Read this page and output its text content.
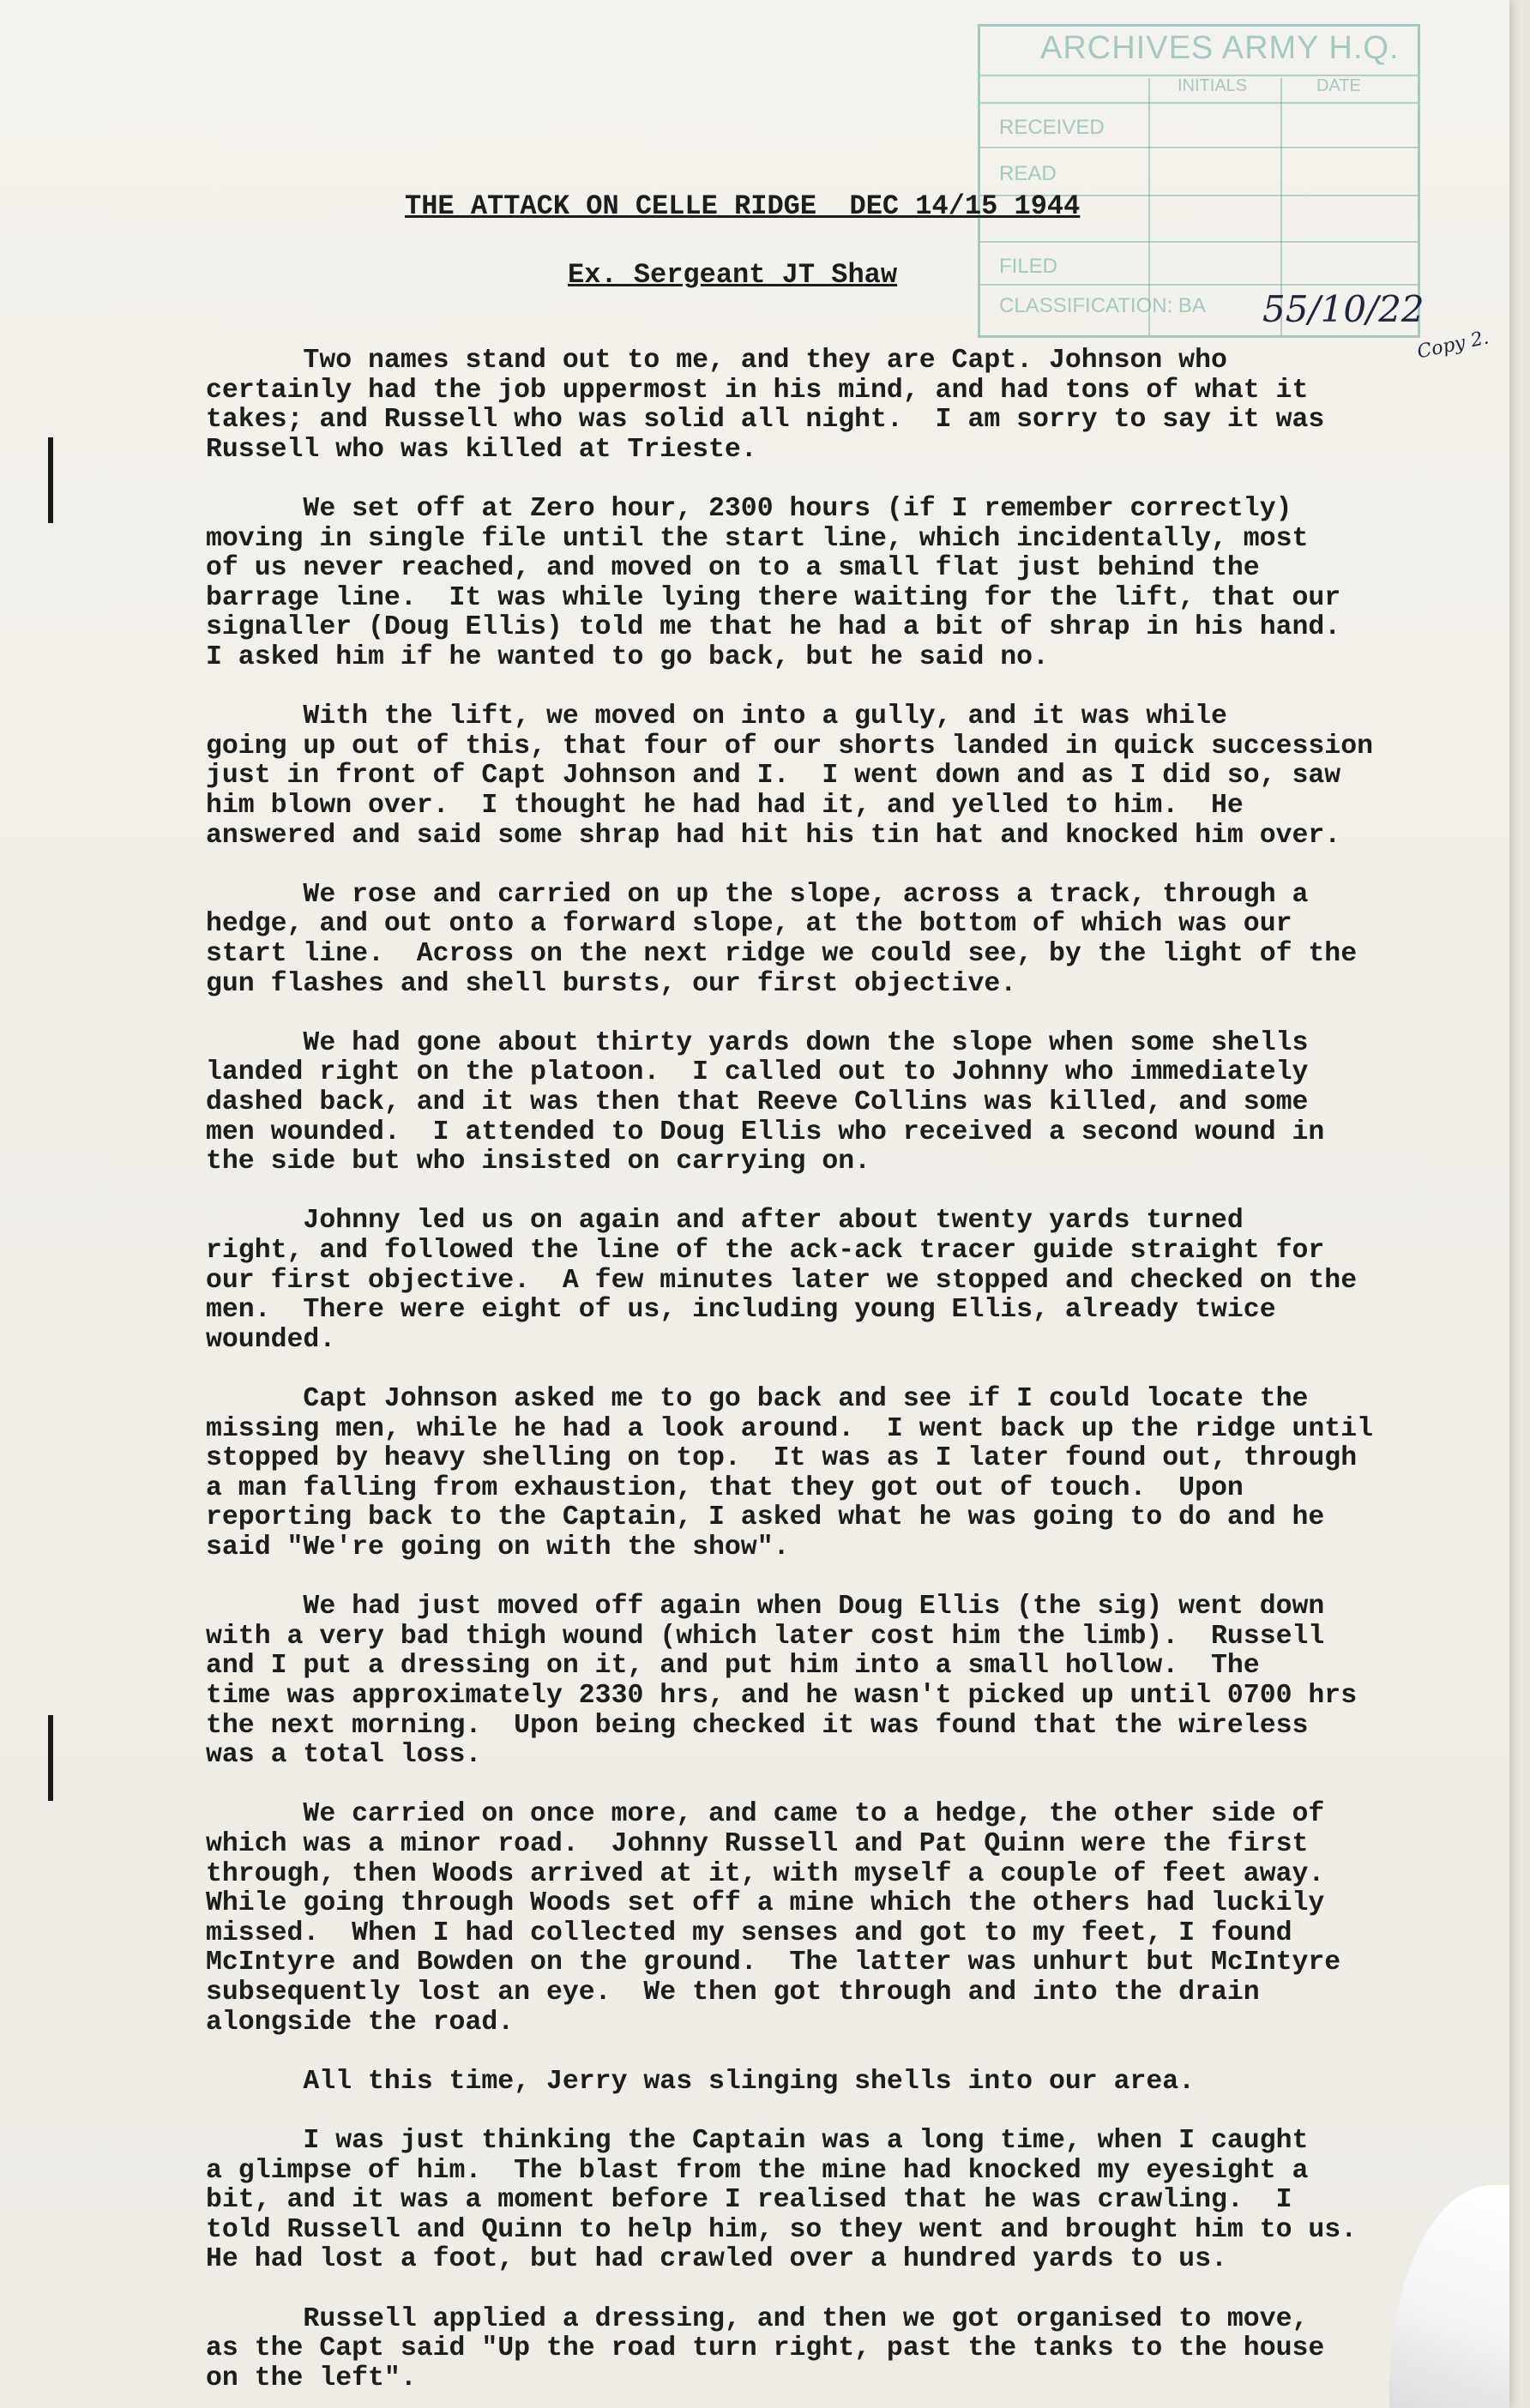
ARCHIVES ARMY H.Q.
INITIALS	DATE
RECEIVED
READ
FILED
CLASSIFICATION: BA 55/10/22
Copy 2.
THE ATTACK ON CELLE RIDGE  DEC 14/15 1944
Ex. Sergeant JT Shaw
Two names stand out to me, and they are Capt. Johnson who
certainly had the job uppermost in his mind, and had tons of what it
takes; and Russell who was solid all night.  I am sorry to say it was
Russell who was killed at Trieste.
We set off at Zero hour, 2300 hours (if I remember correctly)
moving in single file until the start line, which incidentally, most
of us never reached, and moved on to a small flat just behind the
barrage line.  It was while lying there waiting for the lift, that our
signaller (Doug Ellis) told me that he had a bit of shrap in his hand.
I asked him if he wanted to go back, but he said no.
With the lift, we moved on into a gully, and it was while
going up out of this, that four of our shorts landed in quick succession
just in front of Capt Johnson and I.  I went down and as I did so, saw
him blown over.  I thought he had had it, and yelled to him.  He
answered and said some shrap had hit his tin hat and knocked him over.
We rose and carried on up the slope, across a track, through a
hedge, and out onto a forward slope, at the bottom of which was our
start line.  Across on the next ridge we could see, by the light of the
gun flashes and shell bursts, our first objective.
We had gone about thirty yards down the slope when some shells
landed right on the platoon.  I called out to Johnny who immediately
dashed back, and it was then that Reeve Collins was killed, and some
men wounded.  I attended to Doug Ellis who received a second wound in
the side but who insisted on carrying on.
Johnny led us on again and after about twenty yards turned
right, and followed the line of the ack-ack tracer guide straight for
our first objective.  A few minutes later we stopped and checked on the
men.  There were eight of us, including young Ellis, already twice
wounded.
Capt Johnson asked me to go back and see if I could locate the
missing men, while he had a look around.  I went back up the ridge until
stopped by heavy shelling on top.  It was as I later found out, through
a man falling from exhaustion, that they got out of touch.  Upon
reporting back to the Captain, I asked what he was going to do and he
said "We're going on with the show".
We had just moved off again when Doug Ellis (the sig) went down
with a very bad thigh wound (which later cost him the limb).  Russell
and I put a dressing on it, and put him into a small hollow.  The
time was approximately 2330 hrs, and he wasn't picked up until 0700 hrs
the next morning.  Upon being checked it was found that the wireless
was a total loss.
We carried on once more, and came to a hedge, the other side of
which was a minor road.  Johnny Russell and Pat Quinn were the first
through, then Woods arrived at it, with myself a couple of feet away.
While going through Woods set off a mine which the others had luckily
missed.  When I had collected my senses and got to my feet, I found
McIntyre and Bowden on the ground.  The latter was unhurt but McIntyre
subsequently lost an eye.  We then got through and into the drain
alongside the road.
All this time, Jerry was slinging shells into our area.
I was just thinking the Captain was a long time, when I caught
a glimpse of him.  The blast from the mine had knocked my eyesight a
bit, and it was a moment before I realised that he was crawling.  I
told Russell and Quinn to help him, so they went and brought him to us.
He had lost a foot, but had crawled over a hundred yards to us.
Russell applied a dressing, and then we got organised to move,
as the Capt said "Up the road turn right, past the tanks to the house
on the left".
